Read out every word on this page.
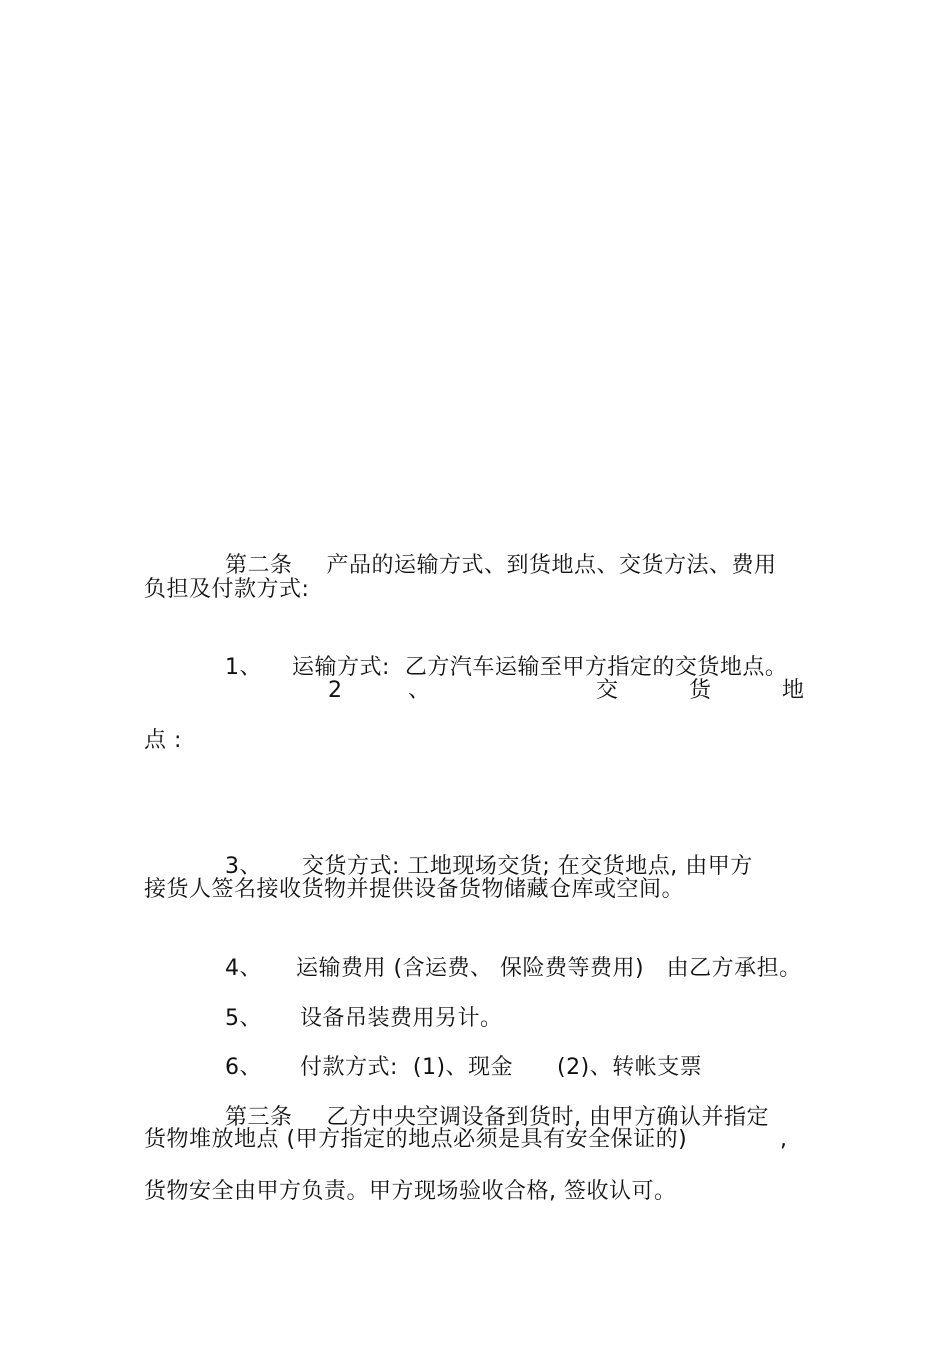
第二条 产品的运输方式、到货地点、交货方法、费用

负担及付款方式:

1、 运输方式:  乙方汽车运输至甲方指定的交货地点。

2	、	交	货	地
点 :

3、 交货方式: 工地现场交货; 在交货地点, 由甲方

接货人签名接收货物并提供设备货物储藏仓库或空间。

4、 运输费用 (含运费、 保险费等费用)   由乙方承担。

5、 设备吊装费用另计。

6、 付款方式:  (1)、现金 (2)、转帐支票

第三条 乙方中央空调设备到货时, 由甲方确认并指定

货物堆放地点 (甲方指定的地点必须是具有安全保证的)	,
货物安全由甲方负责。甲方现场验收合格, 签收认可。
